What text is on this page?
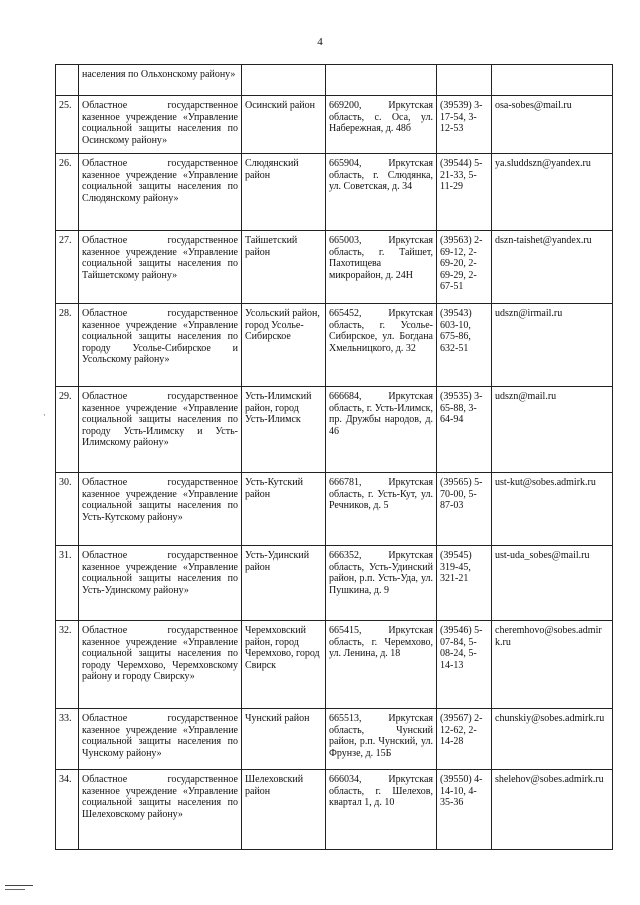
4
·
	населения по Ольхонскому району»				
25.	Областное государственное казенное учреждение «Управление социальной защиты населения по Осинскому району»	Осинский район	669200, Иркутская область, с. Оса, ул. Набережная, д. 48б	(39539) 3-17-54, 3-12-53	osa-sobes@mail.ru
26.	Областное государственное казенное учреждение «Управление социальной защиты населения по Слюдянскому району»	Слюдянский район	665904, Иркутская область, г. Слюдянка, ул. Советская, д. 34	(39544) 5-21-33, 5-11-29	ya.sluddszn@yandex.ru
27.	Областное государственное казенное учреждение «Управление социальной защиты населения по Тайшетскому району»	Тайшетский район	665003, Иркутская область, г. Тайшет, Пахотищева микрорайон, д. 24Н	(39563) 2-69-12, 2-69-20, 2-69-29, 2-67-51	dszn-taishet@yandex.ru
28.	Областное государственное казенное учреждение «Управление социальной защиты населения по городу Усолье-Сибирское и Усольскому району»	Усольский район, город Усолье-Сибирское	665452, Иркутская область, г. Усолье-Сибирское, ул. Богдана Хмельницкого, д. 32	(39543) 603-10, 675-86, 632-51	udszn@irmail.ru
29.	Областное государственное казенное учреждение «Управление социальной защиты населения по городу Усть-Илимску и Усть-Илимскому району»	Усть-Илимский район, город Усть-Илимск	666684, Иркутская область, г. Усть-Илимск, пр. Дружбы народов, д. 46	(39535) 3-65-88, 3-64-94	udszn@mail.ru
30.	Областное государственное казенное учреждение «Управление социальной защиты населения по Усть-Кутскому району»	Усть-Кутский район	666781, Иркутская область, г. Усть-Кут, ул. Речников, д. 5	(39565) 5-70-00, 5-87-03	ust-kut@sobes.admirk.ru
31.	Областное государственное казенное учреждение «Управление социальной защиты населения по Усть-Удинскому району»	Усть-Удинский район	666352, Иркутская область, Усть-Удинский район, р.п. Усть-Уда, ул. Пушкина, д. 9	(39545) 319-45, 321-21	ust-uda_sobes@mail.ru
32.	Областное государственное казенное учреждение «Управление социальной защиты населения по городу Черемхово, Черемховскому району и городу Свирску»	Черемховский район, город Черемхово, город Свирск	665415, Иркутская область, г. Черемхово, ул. Ленина, д. 18	(39546) 5-07-84, 5-08-24, 5-14-13	cheremhovo@sobes.admirk.ru
33.	Областное государственное казенное учреждение «Управление социальной защиты населения по Чунскому району»	Чунский район	665513, Иркутская область, Чунский район, р.п. Чунский, ул. Фрунзе, д. 15Б	(39567) 2-12-62, 2-14-28	chunskiy@sobes.admirk.ru
34.	Областное государственное казенное учреждение «Управление социальной защиты населения по Шелеховскому району»	Шелеховский район	666034, Иркутская область, г. Шелехов, квартал 1, д. 10	(39550) 4-14-10, 4-35-36	shelehov@sobes.admirk.ru
